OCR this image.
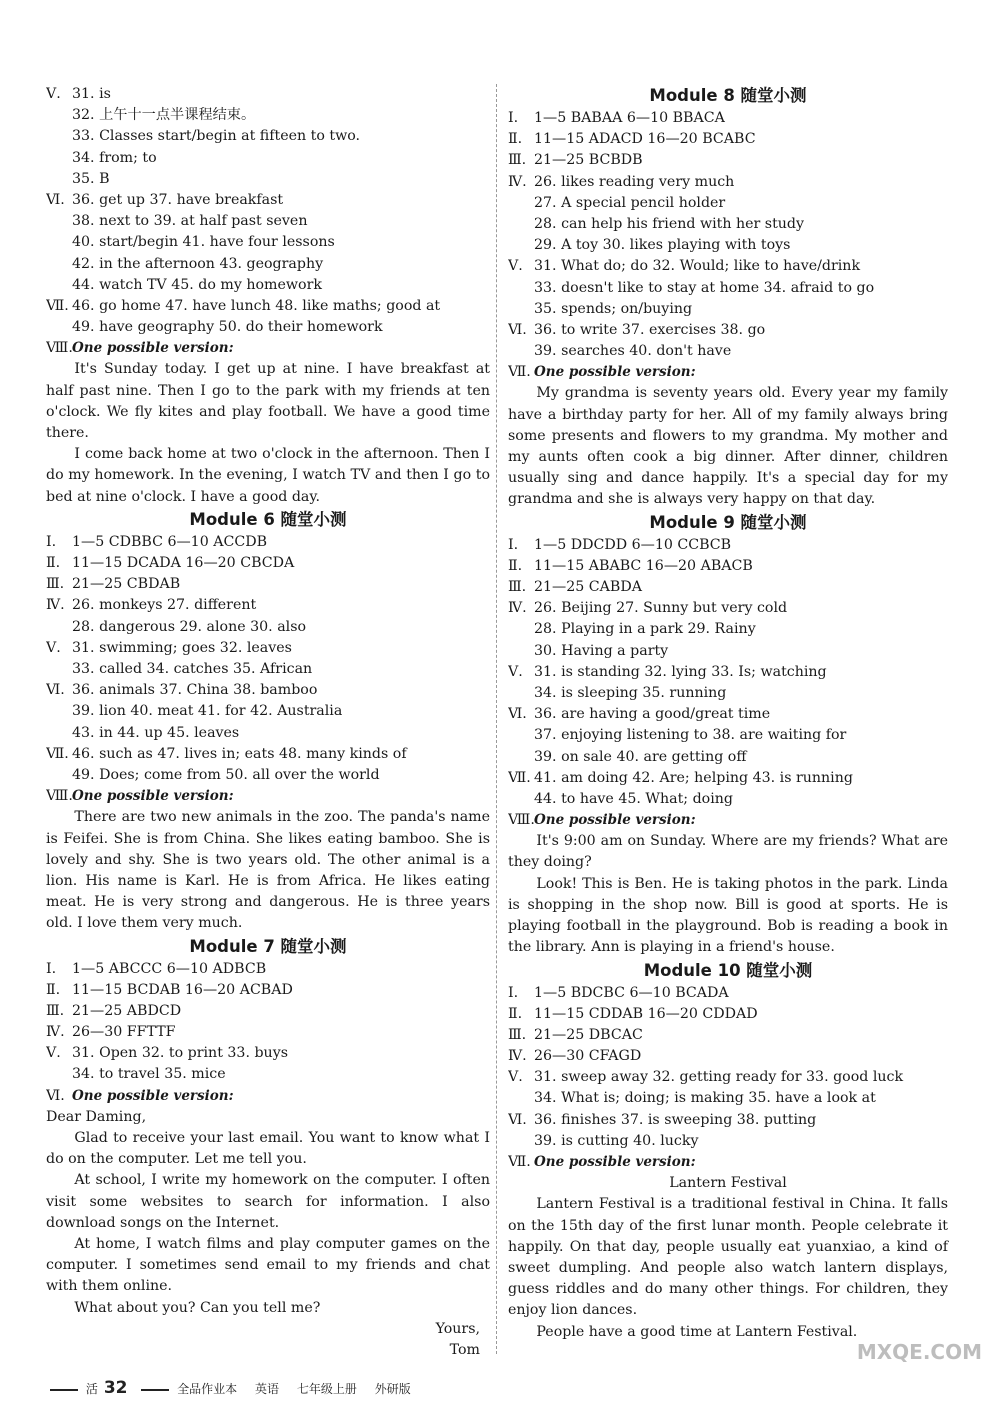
Ⅴ. 31. is
32. 上午十一点半课程结束。
33. Classes start/begin at fifteen to two.
34. from; to
35. B
Ⅵ. 36. get up 37. have breakfast
38. next to 39. at half past seven
40. start/begin 41. have four lessons
42. in the afternoon 43. geography
44. watch TV 45. do my homework
Ⅶ. 46. go home 47. have lunch 48. like maths; good at
49. have geography 50. do their homework
Ⅷ.One possible version:

It's Sunday today. I get up at nine. I have breakfast at half past nine. Then I go to the park with my friends at ten o'clock. We fly kites and play football. We have a good time there.

I come back home at two o'clock in the afternoon. Then I do my homework. In the evening, I watch TV and then I go to bed at nine o'clock. I have a good day.

Module 6 随堂小测
Ⅰ. 1—5 CDBBC 6—10 ACCDB
Ⅱ. 11—15 DCADA 16—20 CBCDA
Ⅲ. 21—25 CBDAB
Ⅳ. 26. monkeys 27. different
28. dangerous 29. alone 30. also
Ⅴ. 31. swimming; goes 32. leaves
33. called 34. catches 35. African
Ⅵ. 36. animals 37. China 38. bamboo
39. lion 40. meat 41. for 42. Australia
43. in 44. up 45. leaves
Ⅶ. 46. such as 47. lives in; eats 48. many kinds of
49. Does; come from 50. all over the world
Ⅷ.One possible version:

There are two new animals in the zoo. The panda's name is Feifei. She is from China. She likes eating bamboo. She is lovely and shy. She is two years old. The other animal is a lion. His name is Karl. He is from Africa. He likes eating meat. He is very strong and dangerous. He is three years old. I love them very much.

Module 7 随堂小测
Ⅰ. 1—5 ABCCC 6—10 ADBCB
Ⅱ. 11—15 BCDAB 16—20 ACBAD
Ⅲ. 21—25 ABDCD
Ⅳ. 26—30 FFTTF
Ⅴ. 31. Open 32. to print 33. buys
34. to travel 35. mice
Ⅵ. One possible version:
Dear Daming,

Glad to receive your last email. You want to know what I do on the computer. Let me tell you.

At school, I write my homework on the computer. I often visit some websites to search for information. I also download songs on the Internet.

At home, I watch films and play computer games on the computer. I sometimes send email to my friends and chat with them online.

What about you? Can you tell me?

Yours,
Tom
Module 8 随堂小测
Ⅰ. 1—5 BABAA 6—10 BBACA
Ⅱ. 11—15 ADACD 16—20 BCABC
Ⅲ. 21—25 BCBDB
Ⅳ. 26. likes reading very much
27. A special pencil holder
28. can help his friend with her study
29. A toy 30. likes playing with toys
Ⅴ. 31. What do; do 32. Would; like to have/drink
33. doesn't like to stay at home 34. afraid to go
35. spends; on/buying
Ⅵ. 36. to write 37. exercises 38. go
39. searches 40. don't have
Ⅶ. One possible version:

My grandma is seventy years old. Every year my family have a birthday party for her. All of my family always bring some presents and flowers to my grandma. My mother and my aunts often cook a big dinner. After dinner, children usually sing and dance happily. It's a special day for my grandma and she is always very happy on that day.

Module 9 随堂小测
Ⅰ. 1—5 DDCDD 6—10 CCBCB
Ⅱ. 11—15 ABABC 16—20 ABACB
Ⅲ. 21—25 CABDA
Ⅳ. 26. Beijing 27. Sunny but very cold
28. Playing in a park 29. Rainy
30. Having a party
Ⅴ. 31. is standing 32. lying 33. Is; watching
34. is sleeping 35. running
Ⅵ. 36. are having a good/great time
37. enjoying listening to 38. are waiting for
39. on sale 40. are getting off
Ⅶ. 41. am doing 42. Are; helping 43. is running
44. to have 45. What; doing
Ⅷ.One possible version:

It's 9:00 am on Sunday. Where are my friends? What are they doing?

Look! This is Ben. He is taking photos in the park. Linda is shopping in the shop now. Bill is good at sports. He is playing football in the playground. Bob is reading a book in the library. Ann is playing in a friend's house.

Module 10 随堂小测
Ⅰ. 1—5 BDCBC 6—10 BCADA
Ⅱ. 11—15 CDDAB 16—20 CDDAD
Ⅲ. 21—25 DBCAC
Ⅳ. 26—30 CFAGD
Ⅴ. 31. sweep away 32. getting ready for 33. good luck
34. What is; doing; is making 35. have a look at
Ⅵ. 36. finishes 37. is sweeping 38. putting
39. is cutting 40. lucky
Ⅶ. One possible version:
Lantern Festival

Lantern Festival is a traditional festival in China. It falls on the 15th day of the first lunar month. People celebrate it happily. On that day, people usually eat yuanxiao, a kind of sweet dumpling. And people also watch lantern displays, guess riddles and do many other things. For children, they enjoy lion dances.

People have a good time at Lantern Festival.

活 32	全品作业本 英语 七年级上册 外研版
MXQE.COM
